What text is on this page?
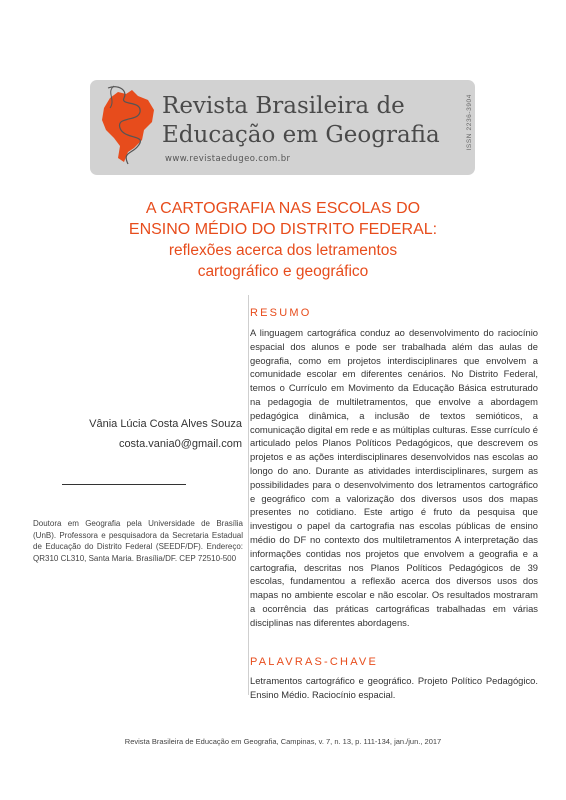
Revista Brasileira de
Educação em Geografia
www.revistaedugeo.com.br
ISSN 2236-3904
A CARTOGRAFIA NAS ESCOLAS DO
ENSINO MÉDIO DO DISTRITO FEDERAL:
reflexões acerca dos letramentos
cartográfico e geográfico
Vânia Lúcia Costa Alves Souza
costa.vania0@gmail.com
Doutora em Geografia pela Universidade de Brasília (UnB). Professora e pesquisadora da Secretaria Estadual de Educação do Distrito Federal (SEEDF/DF). Endereço: QR310 CL310, Santa Maria. Brasília/DF. CEP 72510-500
RESUMO
A linguagem cartográfica conduz ao desenvolvimento do raciocínio espacial dos alunos e pode ser trabalhada além das aulas de geografia, como em projetos interdisciplinares que envolvem a comunidade escolar em diferentes cenários. No Distrito Federal, temos o Currículo em Movimento da Educação Básica estruturado na pedagogia de multiletramentos, que envolve a abordagem pedagógica dinâmica, a inclusão de textos semióticos, a comunicação digital em rede e as múltiplas culturas. Esse currículo é articulado pelos Planos Políticos Pedagógicos, que descrevem os projetos e as ações interdisciplinares desenvolvidos nas escolas ao longo do ano. Durante as atividades interdisciplinares, surgem as possibilidades para o desenvolvimento dos letramentos cartográfico e geográfico com a valorização dos diversos usos dos mapas presentes no cotidiano. Este artigo é fruto da pesquisa que investigou o papel da cartografia nas escolas públicas de ensino médio do DF no contexto dos multiletramentos A interpretação das informações contidas nos projetos que envolvem a geografia e a cartografia, descritas nos Planos Políticos Pedagógicos de 39 escolas, fundamentou a reflexão acerca dos diversos usos dos mapas no ambiente escolar e não escolar. Os resultados mostraram a ocorrência das práticas cartográficas trabalhadas em várias disciplinas nas diferentes abordagens.
PALAVRAS-CHAVE
Letramentos cartográfico e geográfico. Projeto Político Pedagógico. Ensino Médio. Raciocínio espacial.
Revista Brasileira de Educação em Geografia, Campinas, v. 7, n. 13, p. 111-134, jan./jun., 2017
